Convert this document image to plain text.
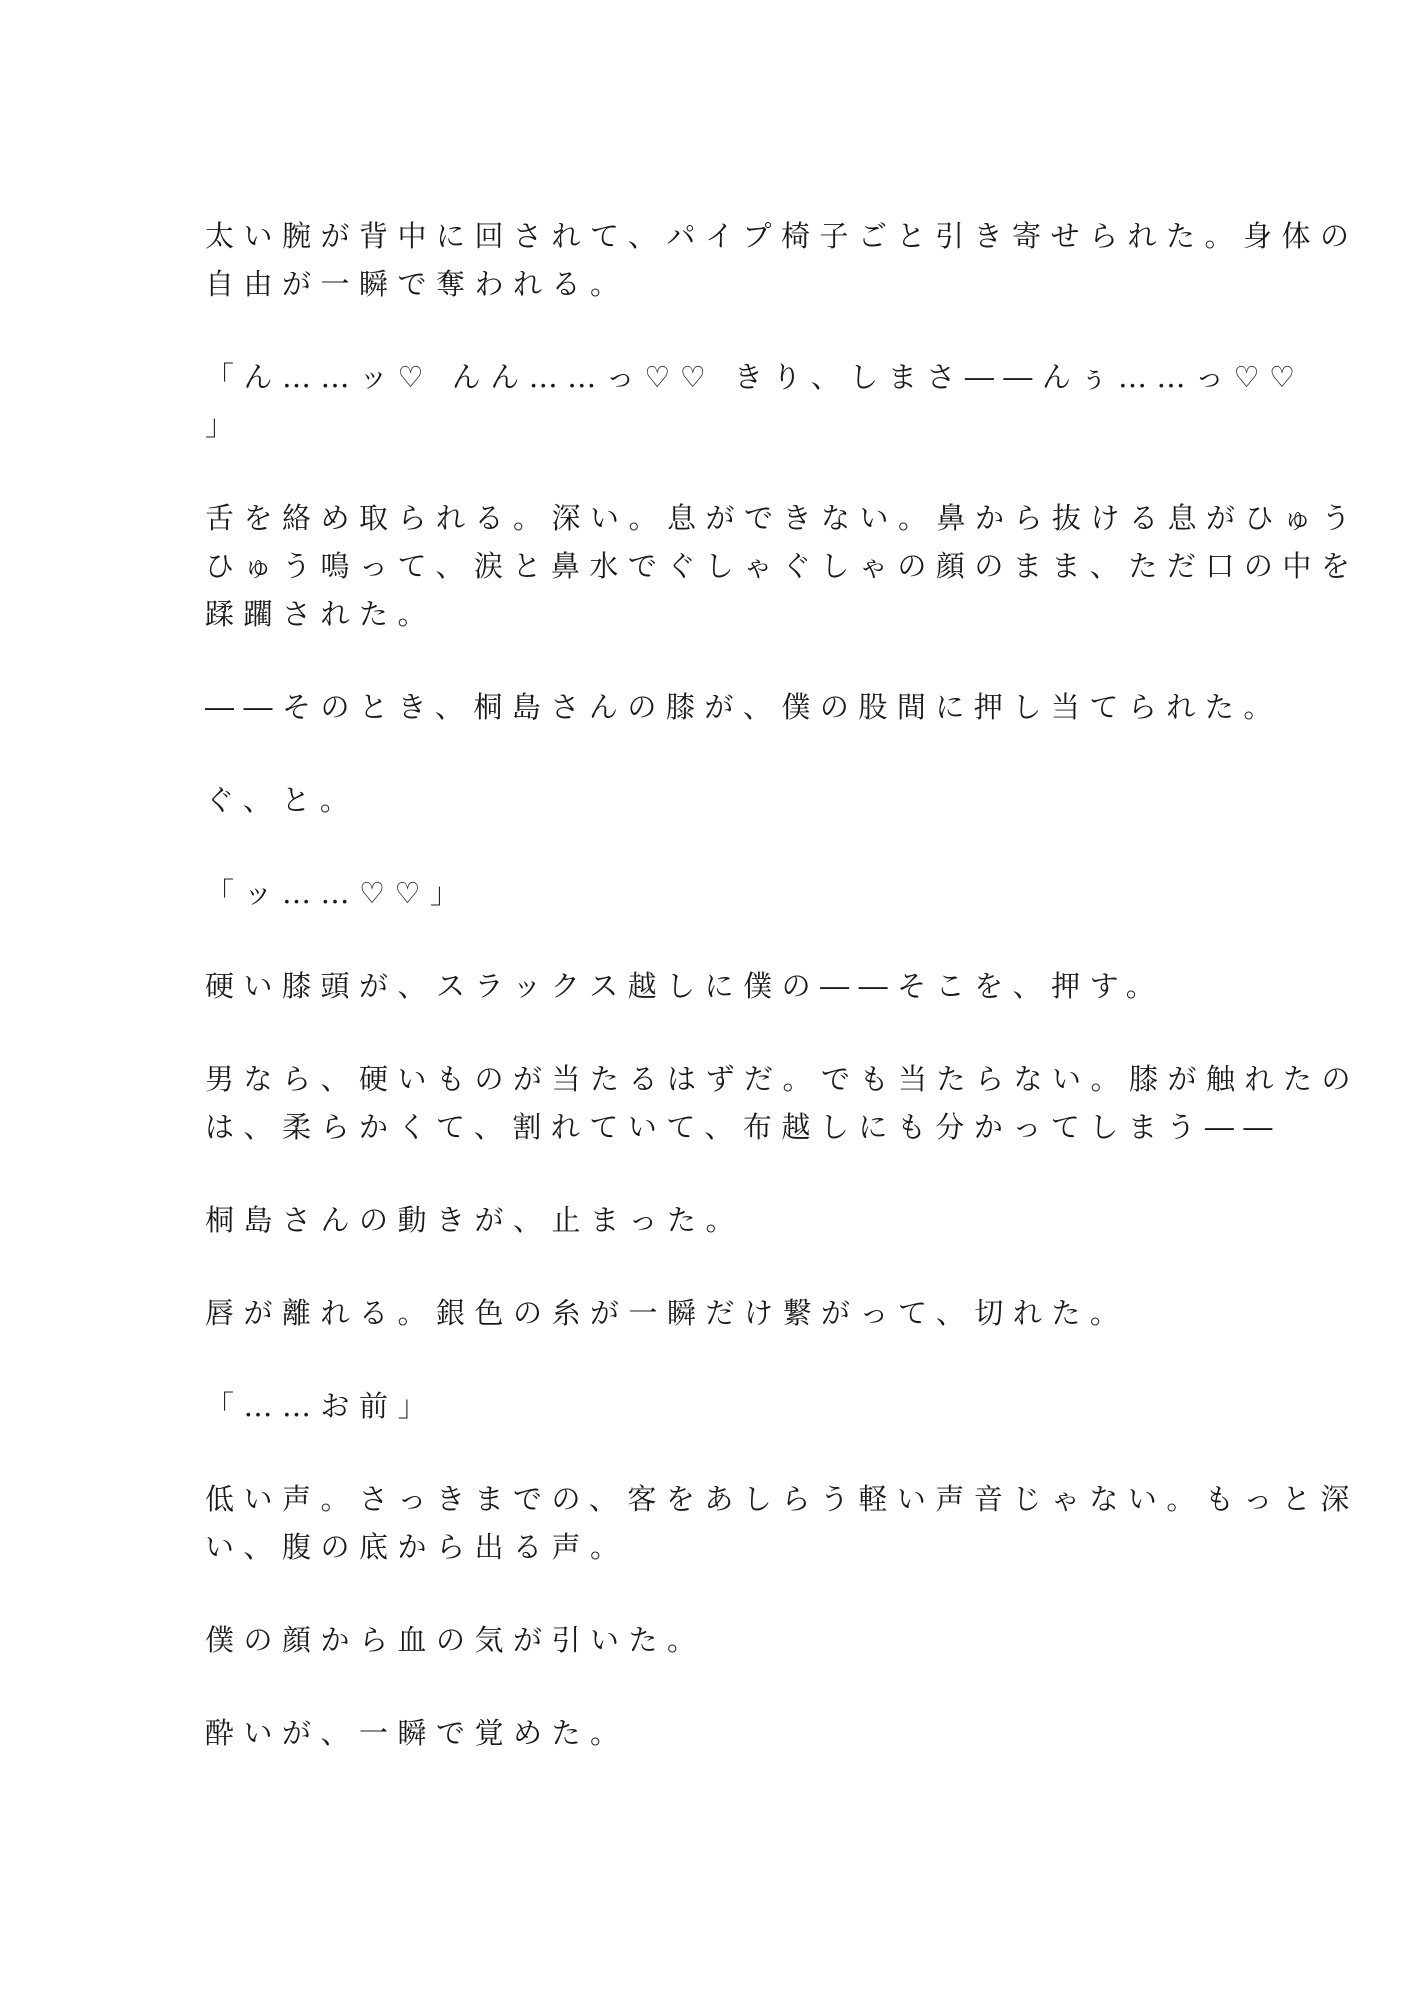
太い腕が背中に回されて、パイプ椅子ごと引き寄せられた。身体の
自由が一瞬で奪われる。

「ん……ッ♡ んん……っ♡♡ きり、しまさ――んぅ……っ♡♡
」

舌を絡め取られる。深い。息ができない。鼻から抜ける息がひゅう
ひゅう鳴って、涙と鼻水でぐしゃぐしゃの顔のまま、ただ口の中を
蹂躙された。

――そのとき、桐島さんの膝が、僕の股間に押し当てられた。

ぐ、と。

「ッ……♡♡」

硬い膝頭が、スラックス越しに僕の――そこを、押す。

男なら、硬いものが当たるはずだ。でも当たらない。膝が触れたの
は、柔らかくて、割れていて、布越しにも分かってしまう――

桐島さんの動きが、止まった。

唇が離れる。銀色の糸が一瞬だけ繋がって、切れた。

「……お前」

低い声。さっきまでの、客をあしらう軽い声音じゃない。もっと深
い、腹の底から出る声。

僕の顔から血の気が引いた。

酔いが、一瞬で覚めた。
